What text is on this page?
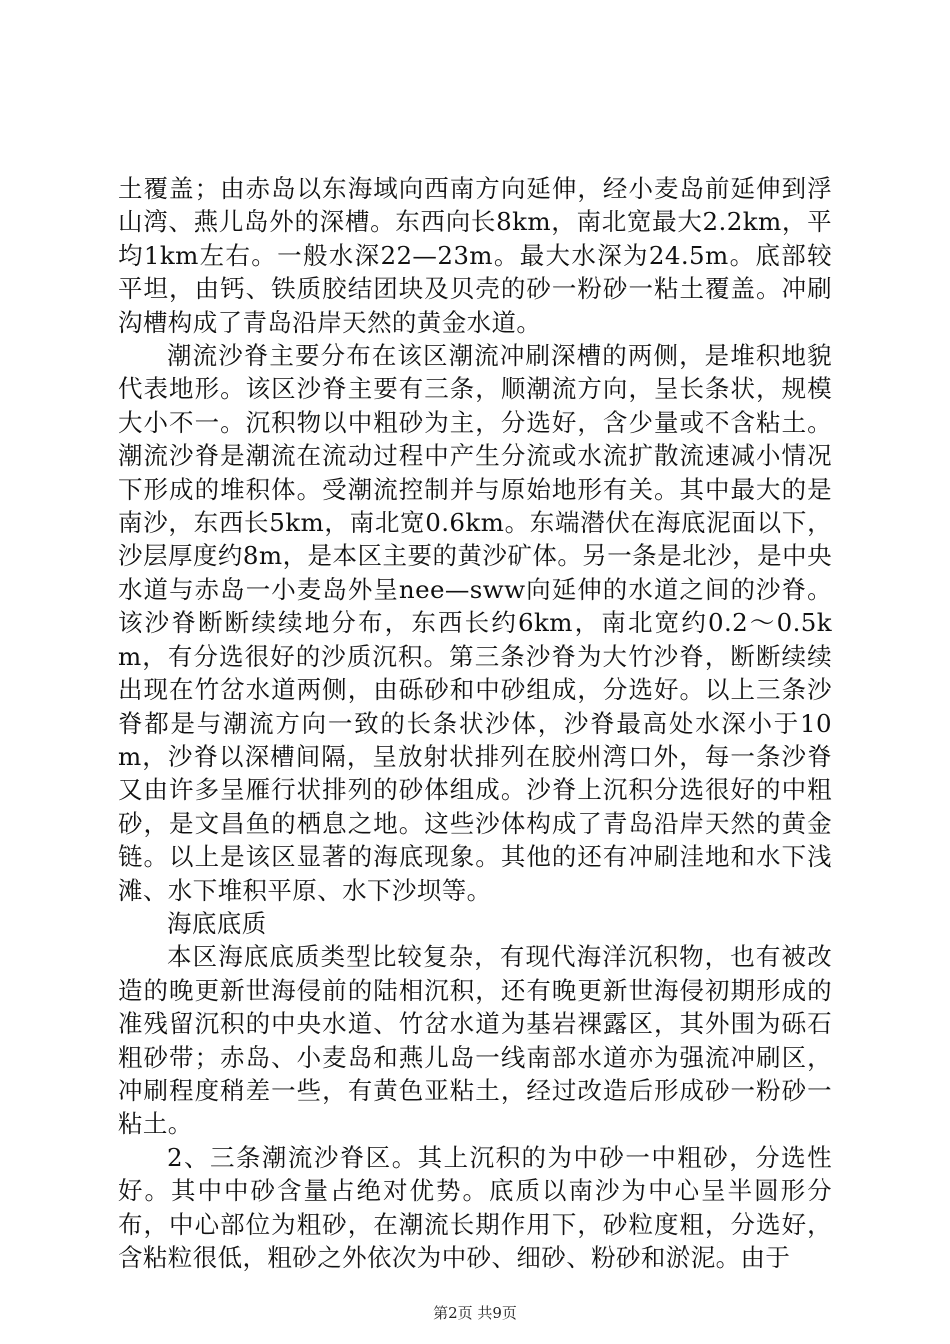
土覆盖；由赤岛以东海域向西南方向延伸，经小麦岛前延伸到浮山湾、燕儿岛外的深槽。东西向长8km，南北宽最大2.2km，平均1km左右。一般水深22—23m。最大水深为24.5m。底部较平坦，由钙、铁质胶结团块及贝壳的砂一粉砂一粘土覆盖。冲刷沟槽构成了青岛沿岸天然的黄金水道。

潮流沙脊主要分布在该区潮流冲刷深槽的两侧，是堆积地貌代表地形。该区沙脊主要有三条，顺潮流方向，呈长条状，规模大小不一。沉积物以中粗砂为主，分选好，含少量或不含粘土。潮流沙脊是潮流在流动过程中产生分流或水流扩散流速减小情况下形成的堆积体。受潮流控制并与原始地形有关。其中最大的是南沙，东西长5km，南北宽0.6km。东端潜伏在海底泥面以下，沙层厚度约8m，是本区主要的黄沙矿体。另一条是北沙，是中央水道与赤岛一小麦岛外呈nee—sww向延伸的水道之间的沙脊。该沙脊断断续续地分布，东西长约6km，南北宽约0.2～0.5km，有分选很好的沙质沉积。第三条沙脊为大竹沙脊，断断续续出现在竹岔水道两侧，由砾砂和中砂组成，分选好。以上三条沙脊都是与潮流方向一致的长条状沙体，沙脊最高处水深小于10m，沙脊以深槽间隔，呈放射状排列在胶州湾口外，每一条沙脊又由许多呈雁行状排列的砂体组成。沙脊上沉积分选很好的中粗砂，是文昌鱼的栖息之地。这些沙体构成了青岛沿岸天然的黄金链。以上是该区显著的海底现象。其他的还有冲刷洼地和水下浅滩、水下堆积平原、水下沙坝等。

海底底质

本区海底底质类型比较复杂，有现代海洋沉积物，也有被改造的晚更新世海侵前的陆相沉积，还有晚更新世海侵初期形成的准残留沉积的中央水道、竹岔水道为基岩裸露区，其外围为砾石粗砂带；赤岛、小麦岛和燕儿岛一线南部水道亦为强流冲刷区，冲刷程度稍差一些，有黄色亚粘土，经过改造后形成砂一粉砂一粘土。

2、三条潮流沙脊区。其上沉积的为中砂一中粗砂，分选性好。其中中砂含量占绝对优势。底质以南沙为中心呈半圆形分布，中心部位为粗砂，在潮流长期作用下，砂粒度粗，分选好，含粘粒很低，粗砂之外依次为中砂、细砂、粉砂和淤泥。由于

第2页 共9页
